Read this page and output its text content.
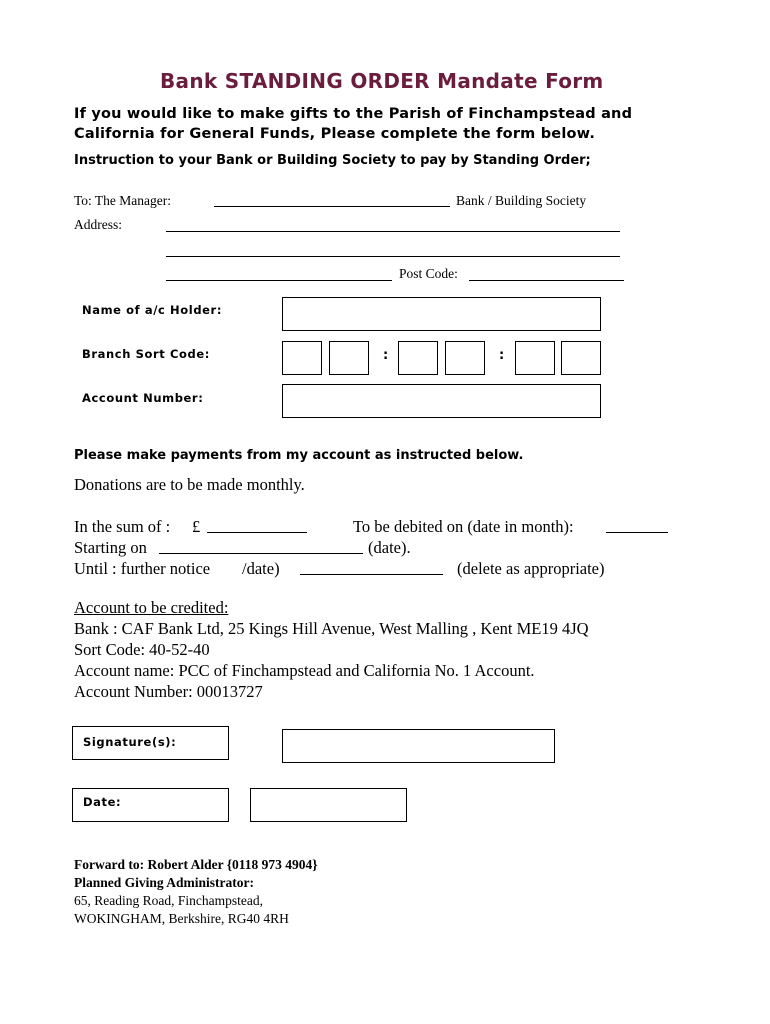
Bank STANDING ORDER Mandate Form
If you would like to make gifts to the Parish of Finchampstead and
California for General Funds, Please complete the form below.
Instruction to your Bank or Building Society to pay by Standing Order;
To: The Manager:	Bank / Building Society
Address:
Post Code:
Name of a/c Holder:
Branch Sort Code:	:	:
Account Number:
Please make payments from my account as instructed below.
Donations are to be made monthly.
In the sum of : £	To be debited on (date in month):
Starting on	(date).
Until : further notice /date)	(delete as appropriate)
Account to be credited:
Bank : CAF Bank Ltd, 25 Kings Hill Avenue, West Malling , Kent ME19 4JQ
Sort Code: 40-52-40
Account name: PCC of Finchampstead and California No. 1 Account.
Account Number: 00013727
Signature(s):
Date:
Forward to: Robert Alder {0118 973 4904}
Planned Giving Administrator:
65, Reading Road, Finchampstead,
WOKINGHAM, Berkshire, RG40 4RH
